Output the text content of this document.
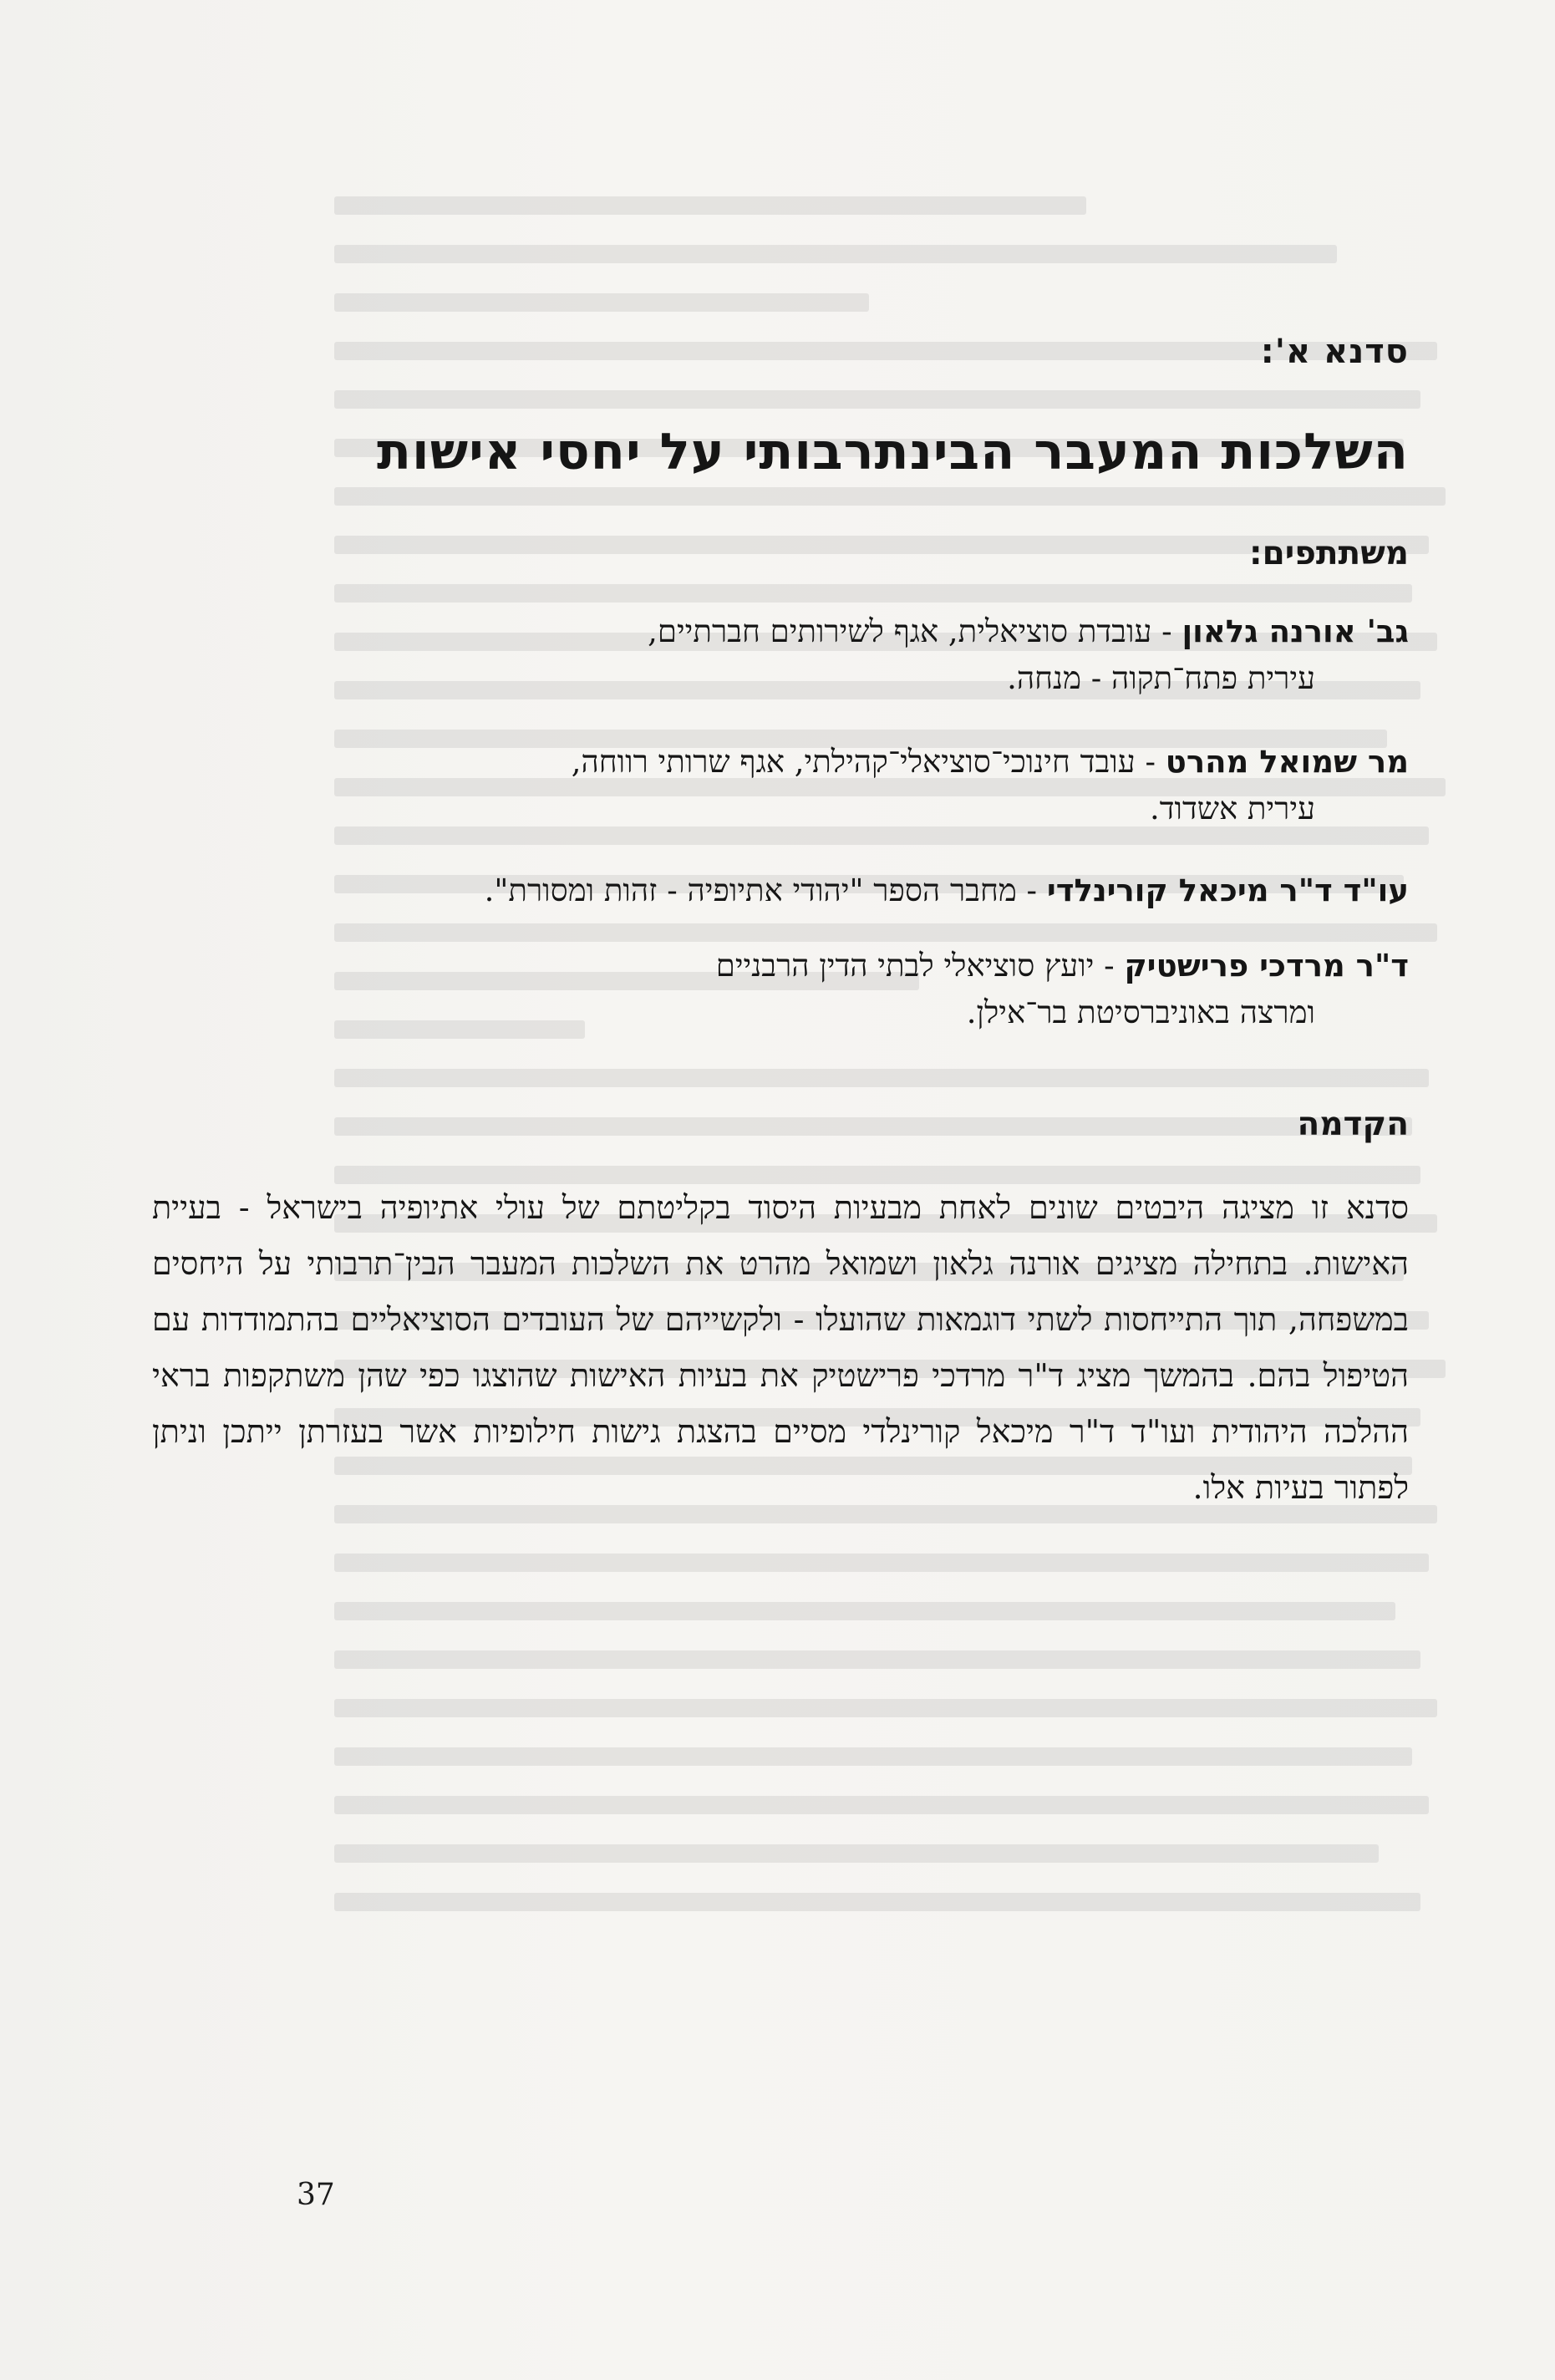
סדנא א':
השלכות המעבר הבינתרבותי על יחסי אישות
משתתפים:
גב' אורנה גלאון - עובדת סוציאלית, אגף לשירותים חברתיים,
עירית פתח־תקוה - מנחה.
מר שמואל מהרט - עובד חינוכי־סוציאלי־קהילתי, אגף שרותי רווחה,
עירית אשדוד.
עו"ד ד"ר מיכאל קורינלדי - מחבר הספר "יהודי אתיופיה - זהות ומסורת".
ד"ר מרדכי פרישטיק - יועץ סוציאלי לבתי הדין הרבניים
ומרצה באוניברסיטת בר־אילן.
הקדמה
סדנא זו מציגה היבטים שונים לאחת מבעיות היסוד בקליטתם של עולי אתיופיה בישראל - בעיית האישות. בתחילה מציגים אורנה גלאון ושמואל מהרט את השלכות המעבר הבין־תרבותי על היחסים במשפחה, תוך התייחסות לשתי דוגמאות שהועלו - ולקשייהם של העובדים הסוציאליים בהתמודדות עם הטיפול בהם. בהמשך מציג ד"ר מרדכי פרישטיק את בעיות האישות שהוצגו כפי שהן משתקפות בראי ההלכה היהודית ועו"ד ד"ר מיכאל קורינלדי מסיים בהצגת גישות חילופיות אשר בעזרתן ייתכן וניתן לפתור בעיות אלו.
37
